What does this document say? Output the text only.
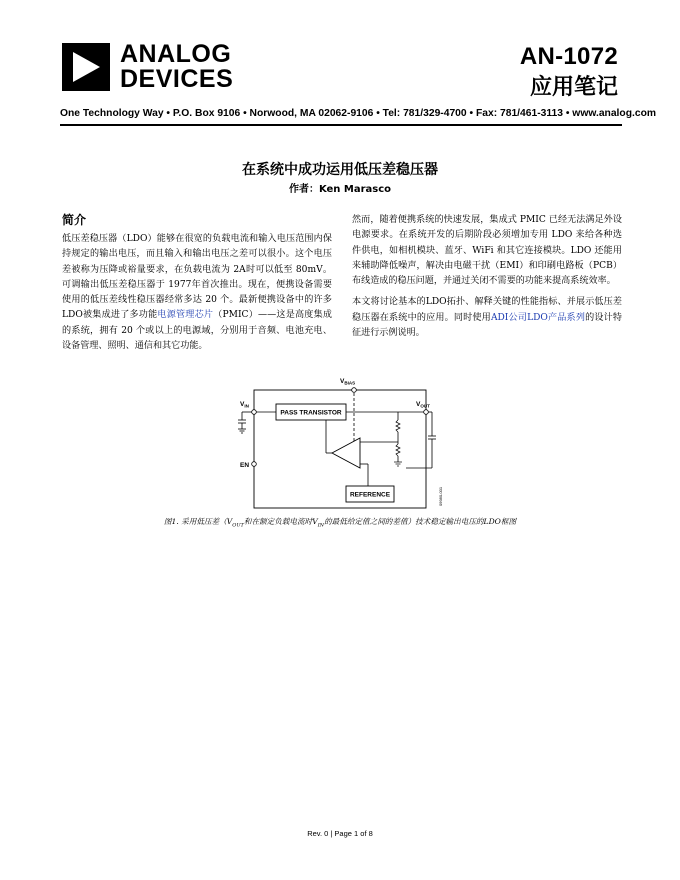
ANALOG
DEVICES
AN-1072
应用笔记
One Technology Way • P.O. Box 9106 • Norwood, MA 02062-9106 • Tel: 781/329-4700 • Fax: 781/461-3113 • www.analog.com
在系统中成功运用低压差稳压器
作者：Ken Marasco
简介

低压差稳压器（LDO）能够在很宽的负载电流和输入电压范围内保持规定的输出电压，而且输入和输出电压之差可以很小。这个电压差被称为压降或裕量要求，在负载电流为 2A时可以低至 80mV。可调输出低压差稳压器于 1977年首次推出。现在，便携设备需要使用的低压差线性稳压器经常多达 20 个。最新便携设备中的许多LDO被集成进了多功能电源管理芯片（PMIC）——这是高度集成的系统，拥有 20 个或以上的电源域，分别用于音频、电池充电、设备管理、照明、通信和其它功能。

然而，随着便携系统的快速发展，集成式 PMIC 已经无法满足外设电源要求。在系统开发的后期阶段必须增加专用 LDO 来给各种选件供电，如相机模块、蓝牙、WiFi 和其它连接模块。LDO 还能用来辅助降低噪声，解决由电磁干扰（EMI）和印刷电路板（PCB）布线造成的稳压问题，并通过关闭不需要的功能来提高系统效率。

本文将讨论基本的LDO拓扑、解释关键的性能指标、并展示低压差稳压器在系统中的应用。同时使用ADI公司LDO产品系列的设计特征进行示例说明。

$V_{BIAS}$
$V_{IN}$
PASS TRANSISTOR
$V_{OUT}$
EN
REFERENCE	09980-001
图1. 采用低压差（$V_{OUT}$和在额定负载电流时$V_{IN}$的最低给定值之间的差值）技术稳定输出电压的LDO框图
Rev. 0 | Page 1 of 8
